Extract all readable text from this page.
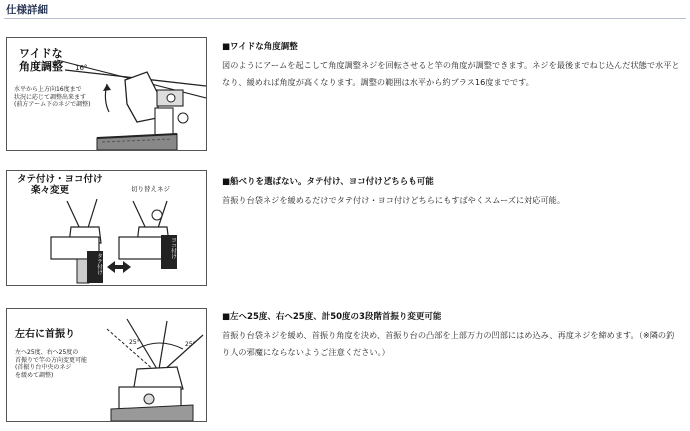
仕様詳細
ワイドな
角度調整 16°
水平から上方向16度まで
状況に応じて調整出来ます
(前方アーム下のネジで調整)

■ワイドな角度調整

図のようにアームを起こして角度調整ネジを回転させると竿の角度が調整できます。ネジを最後までねじ込んだ状態で水平となり、緩めれば角度が高くなります。調整の範囲は水平から約プラス16度までです。

タテ付け・ヨコ付け
楽々変更	切り替えネジ
タテ付け
ヨコ付け

■船べりを選ばない。タテ付け、ヨコ付けどちらも可能

首振り台袋ネジを緩めるだけでタテ付け・ヨコ付けどちらにもすばやくスムーズに対応可能。

左右に首振り
左へ25度、右へ25度の
首振りで竿の方向変更可能
(首振り台中央のネジ
を緩めて調整)
25°	25°

■左へ25度、右へ25度、計50度の3段階首振り変更可能

首振り台袋ネジを緩め、首振り角度を決め、首振り台の凸部を上部万力の凹部にはめ込み、再度ネジを締めます。（※隣の釣り人の邪魔にならないようご注意ください。）
